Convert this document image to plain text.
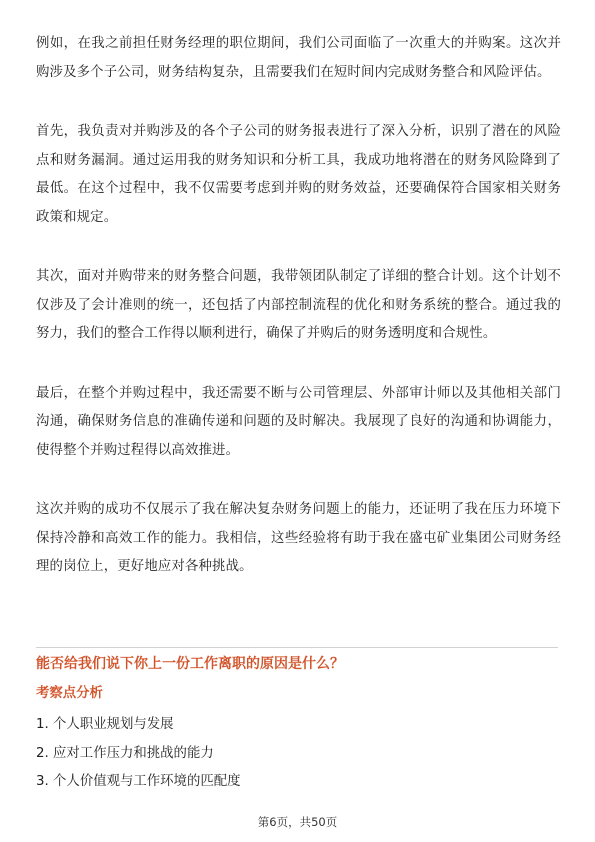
例如，在我之前担任财务经理的职位期间，我们公司面临了一次重大的并购案。这次并购涉及多个子公司，财务结构复杂，且需要我们在短时间内完成财务整合和风险评估。

首先，我负责对并购涉及的各个子公司的财务报表进行了深入分析，识别了潜在的风险点和财务漏洞。通过运用我的财务知识和分析工具，我成功地将潜在的财务风险降到了最低。在这个过程中，我不仅需要考虑到并购的财务效益，还要确保符合国家相关财务政策和规定。

其次，面对并购带来的财务整合问题，我带领团队制定了详细的整合计划。这个计划不仅涉及了会计准则的统一，还包括了内部控制流程的优化和财务系统的整合。通过我的努力，我们的整合工作得以顺利进行，确保了并购后的财务透明度和合规性。

最后，在整个并购过程中，我还需要不断与公司管理层、外部审计师以及其他相关部门沟通，确保财务信息的准确传递和问题的及时解决。我展现了良好的沟通和协调能力，使得整个并购过程得以高效推进。

这次并购的成功不仅展示了我在解决复杂财务问题上的能力，还证明了我在压力环境下保持冷静和高效工作的能力。我相信，这些经验将有助于我在盛屯矿业集团公司财务经理的岗位上，更好地应对各种挑战。

能否给我们说下你上一份工作离职的原因是什么？
考察点分析
1. 个人职业规划与发展
2. 应对工作压力和挑战的能力
3. 个人价值观与工作环境的匹配度
第6页，共50页
